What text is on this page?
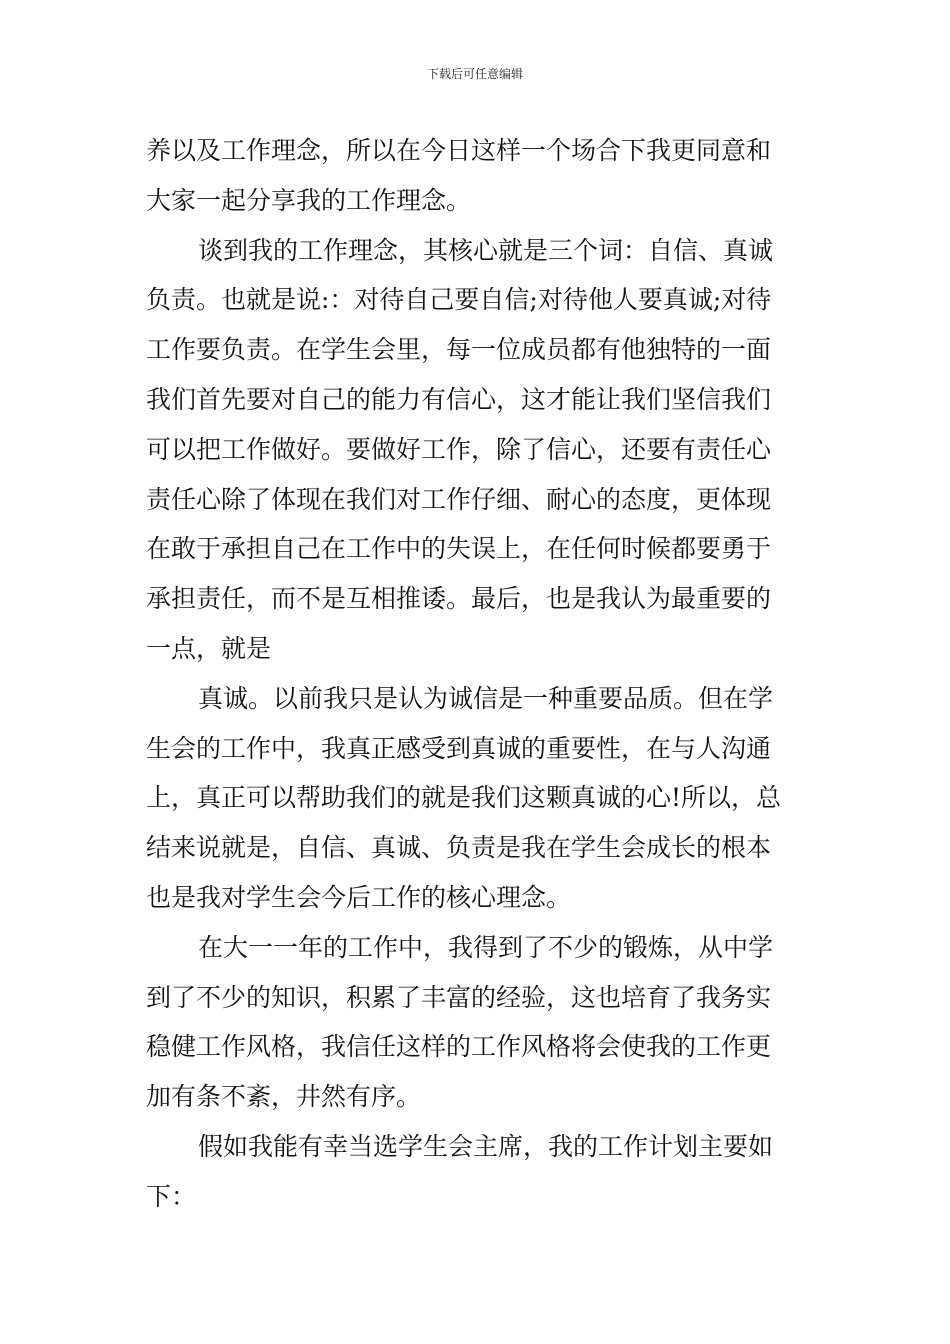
下载后可任意编辑
养以及工作理念，所以在今日这样一个场合下我更同意和
大家一起分享我的工作理念。
谈到我的工作理念，其核心就是三个词：自信、真诚
负责。也就是说:：对待自己要自信;对待他人要真诚;对待
工作要负责。在学生会里，每一位成员都有他独特的一面
我们首先要对自己的能力有信心，这才能让我们坚信我们
可以把工作做好。要做好工作，除了信心，还要有责任心
责任心除了体现在我们对工作仔细、耐心的态度，更体现
在敢于承担自己在工作中的失误上，在任何时候都要勇于
承担责任，而不是互相推诿。最后，也是我认为最重要的
一点，就是
真诚。以前我只是认为诚信是一种重要品质。但在学
生会的工作中，我真正感受到真诚的重要性，在与人沟通
上，真正可以帮助我们的就是我们这颗真诚的心!所以，总
结来说就是，自信、真诚、负责是我在学生会成长的根本
也是我对学生会今后工作的核心理念。
在大一一年的工作中，我得到了不少的锻炼，从中学
到了不少的知识，积累了丰富的经验，这也培育了我务实
稳健工作风格，我信任这样的工作风格将会使我的工作更
加有条不紊，井然有序。
假如我能有幸当选学生会主席，我的工作计划主要如
下：
